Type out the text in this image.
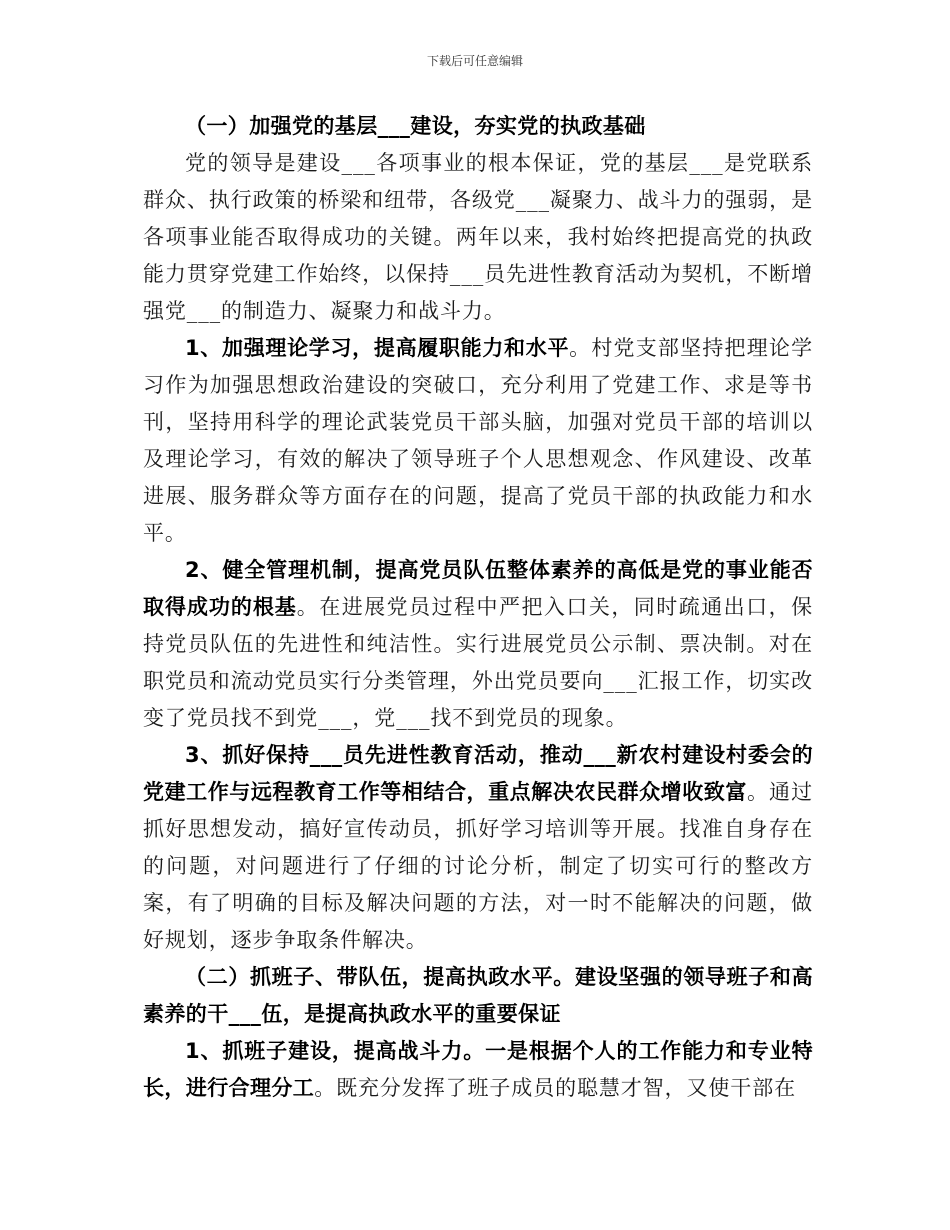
下载后可任意编辑

（一）加强党的基层___建设，夯实党的执政基础

党的领导是建设___各项事业的根本保证，党的基层___是党联系群众、执行政策的桥梁和纽带，各级党___凝聚力、战斗力的强弱，是各项事业能否取得成功的关键。两年以来，我村始终把提高党的执政能力贯穿党建工作始终，以保持___员先进性教育活动为契机，不断增强党___的制造力、凝聚力和战斗力。

1、加强理论学习，提高履职能力和水平。村党支部坚持把理论学习作为加强思想政治建设的突破口，充分利用了党建工作、求是等书刊，坚持用科学的理论武装党员干部头脑，加强对党员干部的培训以及理论学习，有效的解决了领导班子个人思想观念、作风建设、改革进展、服务群众等方面存在的问题，提高了党员干部的执政能力和水平。

2、健全管理机制，提高党员队伍整体素养的高低是党的事业能否取得成功的根基。在进展党员过程中严把入口关，同时疏通出口，保持党员队伍的先进性和纯洁性。实行进展党员公示制、票决制。对在职党员和流动党员实行分类管理，外出党员要向___汇报工作，切实改变了党员找不到党___，党___找不到党员的现象。

3、抓好保持___员先进性教育活动，推动___新农村建设村委会的党建工作与远程教育工作等相结合，重点解决农民群众增收致富。通过抓好思想发动，搞好宣传动员，抓好学习培训等开展。找准自身存在的问题，对问题进行了仔细的讨论分析，制定了切实可行的整改方案，有了明确的目标及解决问题的方法，对一时不能解决的问题，做好规划，逐步争取条件解决。

（二）抓班子、带队伍，提高执政水平。建设坚强的领导班子和高素养的干___伍，是提高执政水平的重要保证

1、抓班子建设，提高战斗力。一是根据个人的工作能力和专业特长，进行合理分工。既充分发挥了班子成员的聪慧才智，又使干部在
